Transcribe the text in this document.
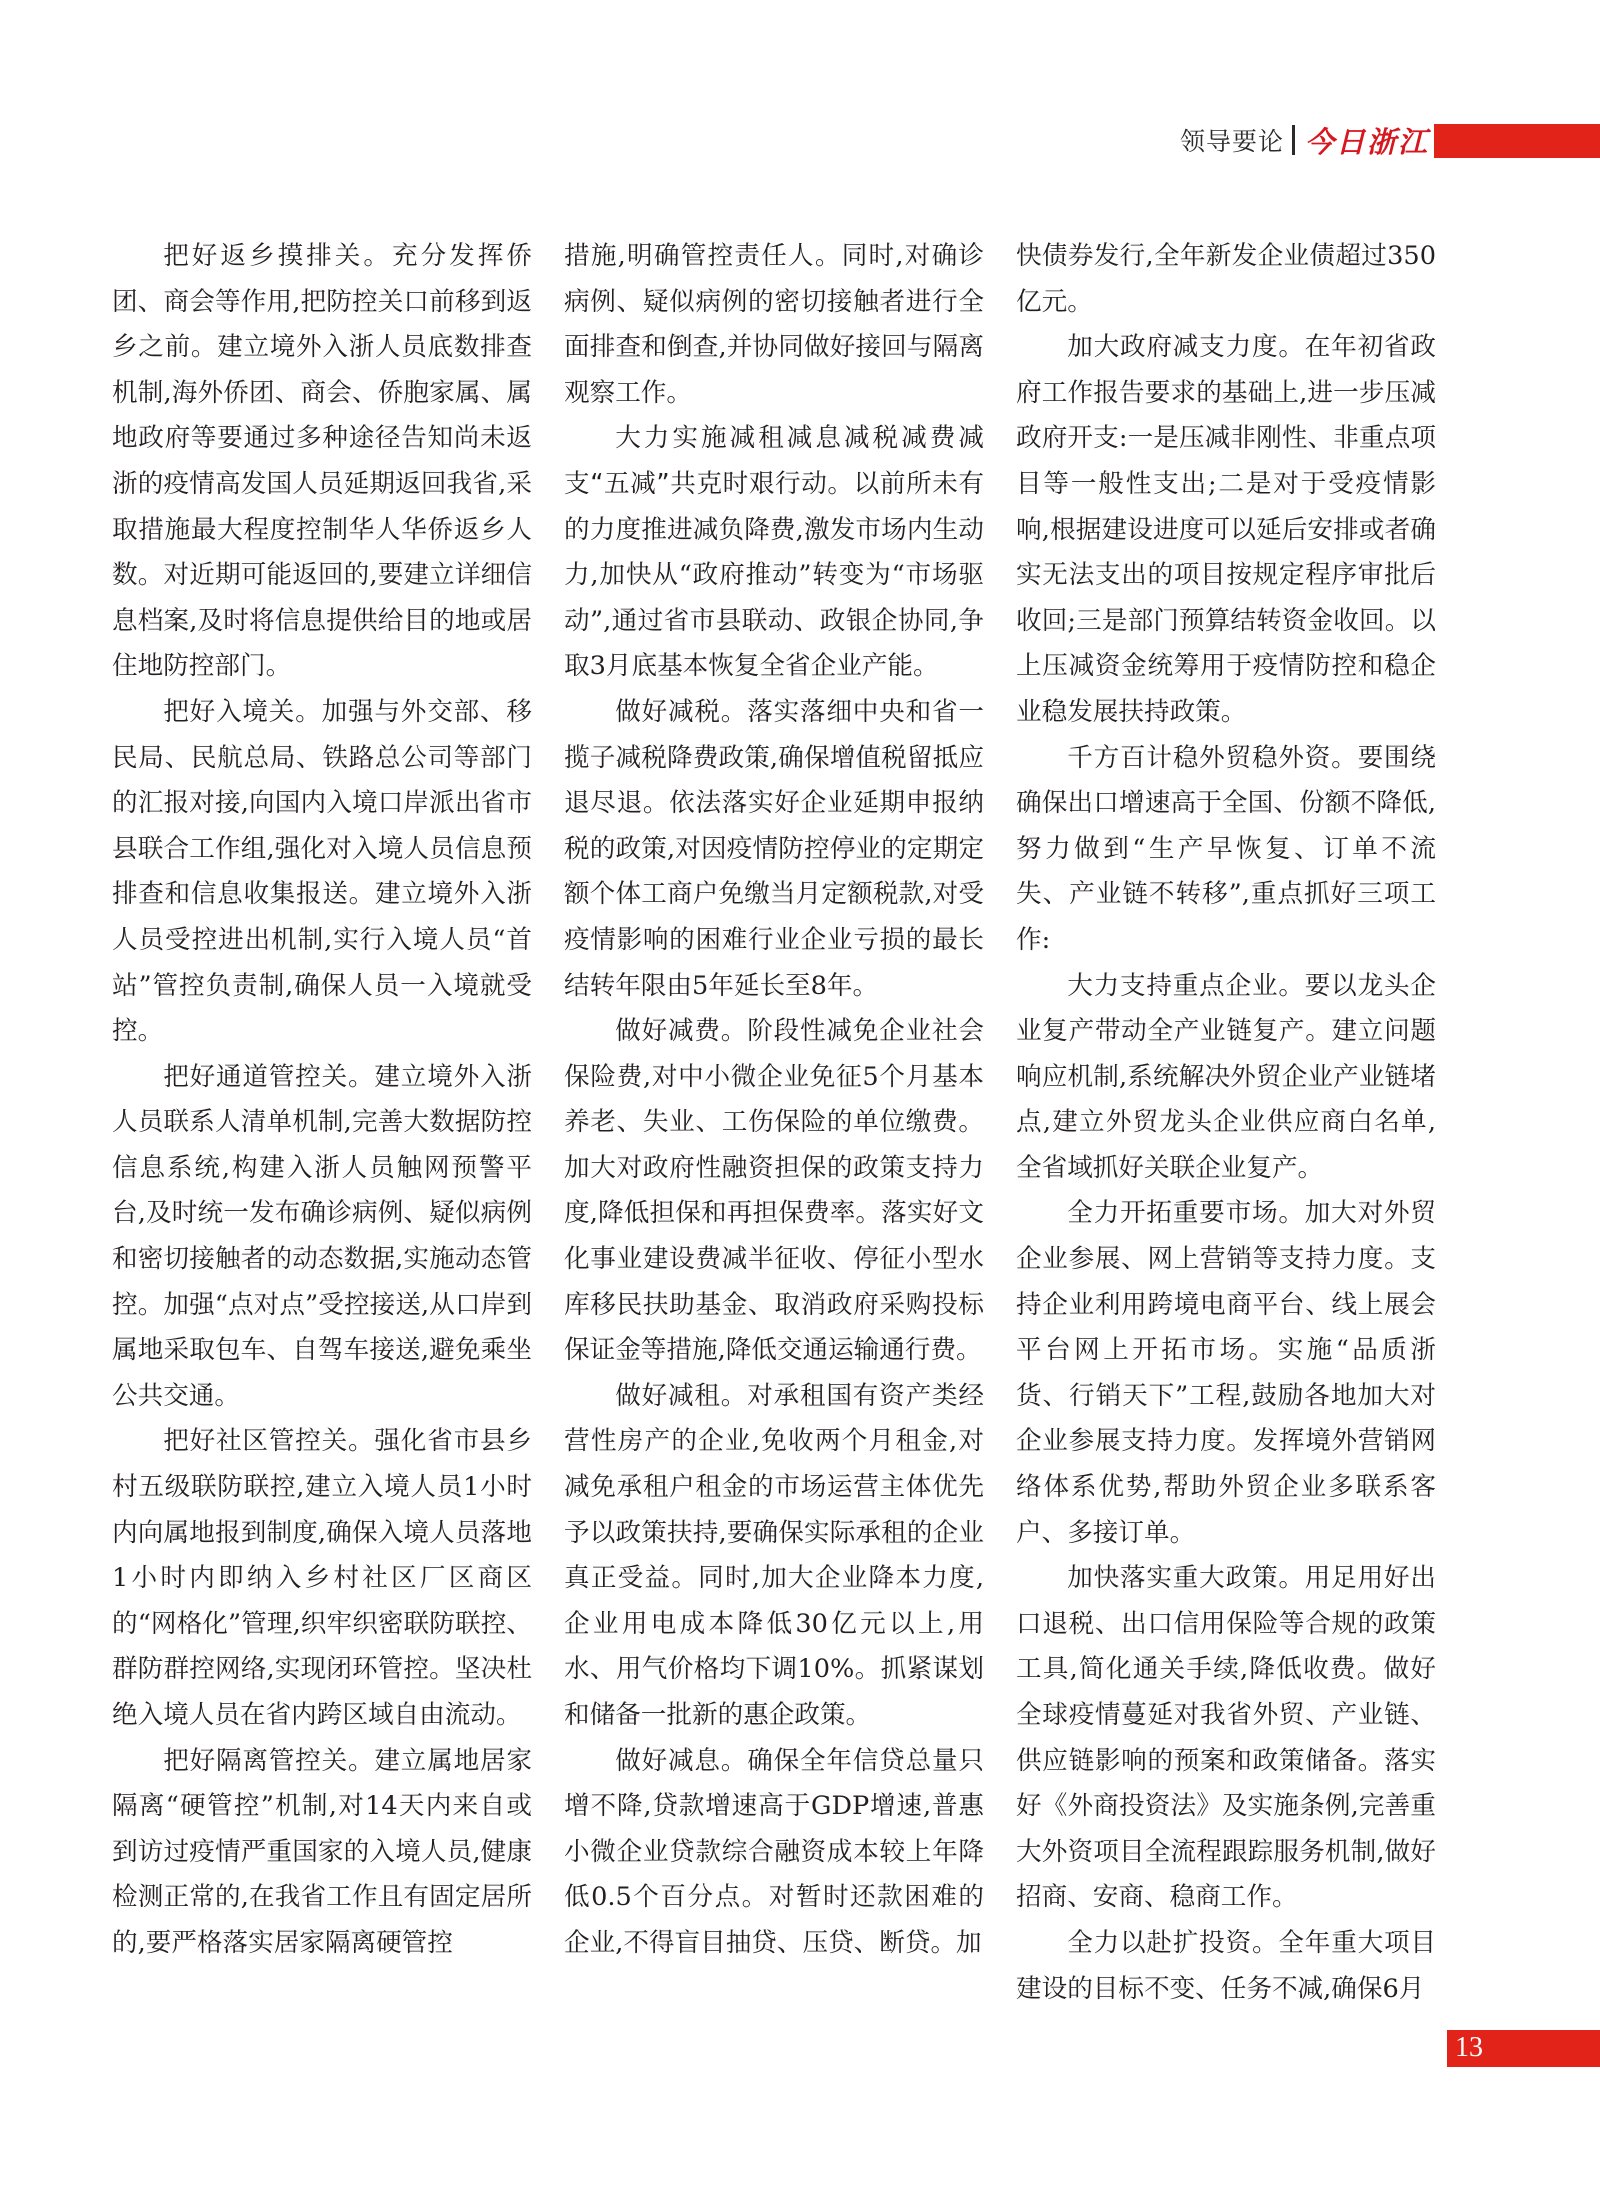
领导要论 今日浙江

把好返乡摸排关。充分发挥侨团、商会等作用,把防控关口前移到返乡之前。建立境外入浙人员底数排查机制,海外侨团、商会、侨胞家属、属地政府等要通过多种途径告知尚未返浙的疫情高发国人员延期返回我省,采取措施最大程度控制华人华侨返乡人数。对近期可能返回的,要建立详细信息档案,及时将信息提供给目的地或居住地防控部门。

把好入境关。加强与外交部、移民局、民航总局、铁路总公司等部门的汇报对接,向国内入境口岸派出省市县联合工作组,强化对入境人员信息预排查和信息收集报送。建立境外入浙人员受控进出机制,实行入境人员“首站”管控负责制,确保人员一入境就受控。

把好通道管控关。建立境外入浙人员联系人清单机制,完善大数据防控信息系统,构建入浙人员触网预警平台,及时统一发布确诊病例、疑似病例和密切接触者的动态数据,实施动态管控。加强“点对点”受控接送,从口岸到属地采取包车、自驾车接送,避免乘坐公共交通。

把好社区管控关。强化省市县乡村五级联防联控,建立入境人员1小时内向属地报到制度,确保入境人员落地1小时内即纳入乡村社区厂区商区的“网格化”管理,织牢织密联防联控、群防群控网络,实现闭环管控。坚决杜绝入境人员在省内跨区域自由流动。

把好隔离管控关。建立属地居家隔离“硬管控”机制,对14天内来自或到访过疫情严重国家的入境人员,健康检测正常的,在我省工作且有固定居所的,要严格落实居家隔离硬管控

措施,明确管控责任人。同时,对确诊病例、疑似病例的密切接触者进行全面排查和倒查,并协同做好接回与隔离观察工作。

大力实施减租减息减税减费减支“五减”共克时艰行动。以前所未有的力度推进减负降费,激发市场内生动力,加快从“政府推动”转变为“市场驱动”,通过省市县联动、政银企协同,争取3月底基本恢复全省企业产能。

做好减税。落实落细中央和省一揽子减税降费政策,确保增值税留抵应退尽退。依法落实好企业延期申报纳税的政策,对因疫情防控停业的定期定额个体工商户免缴当月定额税款,对受疫情影响的困难行业企业亏损的最长结转年限由5年延长至8年。

做好减费。阶段性减免企业社会保险费,对中小微企业免征5个月基本养老、失业、工伤保险的单位缴费。加大对政府性融资担保的政策支持力度,降低担保和再担保费率。落实好文化事业建设费减半征收、停征小型水库移民扶助基金、取消政府采购投标保证金等措施,降低交通运输通行费。

做好减租。对承租国有资产类经营性房产的企业,免收两个月租金,对减免承租户租金的市场运营主体优先予以政策扶持,要确保实际承租的企业真正受益。同时,加大企业降本力度,企业用电成本降低30亿元以上,用水、用气价格均下调10%。抓紧谋划和储备一批新的惠企政策。

做好减息。确保全年信贷总量只增不降,贷款增速高于GDP增速,普惠小微企业贷款综合融资成本较上年降低0.5个百分点。对暂时还款困难的企业,不得盲目抽贷、压贷、断贷。加

快债券发行,全年新发企业债超过350亿元。

加大政府减支力度。在年初省政府工作报告要求的基础上,进一步压减政府开支:一是压减非刚性、非重点项目等一般性支出;二是对于受疫情影响,根据建设进度可以延后安排或者确实无法支出的项目按规定程序审批后收回;三是部门预算结转资金收回。以上压减资金统筹用于疫情防控和稳企业稳发展扶持政策。

千方百计稳外贸稳外资。要围绕确保出口增速高于全国、份额不降低,努力做到“生产早恢复、订单不流失、产业链不转移”,重点抓好三项工作:

大力支持重点企业。要以龙头企业复产带动全产业链复产。建立问题响应机制,系统解决外贸企业产业链堵点,建立外贸龙头企业供应商白名单,全省域抓好关联企业复产。

全力开拓重要市场。加大对外贸企业参展、网上营销等支持力度。支持企业利用跨境电商平台、线上展会平台网上开拓市场。实施“品质浙货、行销天下”工程,鼓励各地加大对企业参展支持力度。发挥境外营销网络体系优势,帮助外贸企业多联系客户、多接订单。

加快落实重大政策。用足用好出口退税、出口信用保险等合规的政策工具,简化通关手续,降低收费。做好全球疫情蔓延对我省外贸、产业链、供应链影响的预案和政策储备。落实好《外商投资法》及实施条例,完善重大外资项目全流程跟踪服务机制,做好招商、安商、稳商工作。

全力以赴扩投资。全年重大项目建设的目标不变、任务不减,确保6月

13
